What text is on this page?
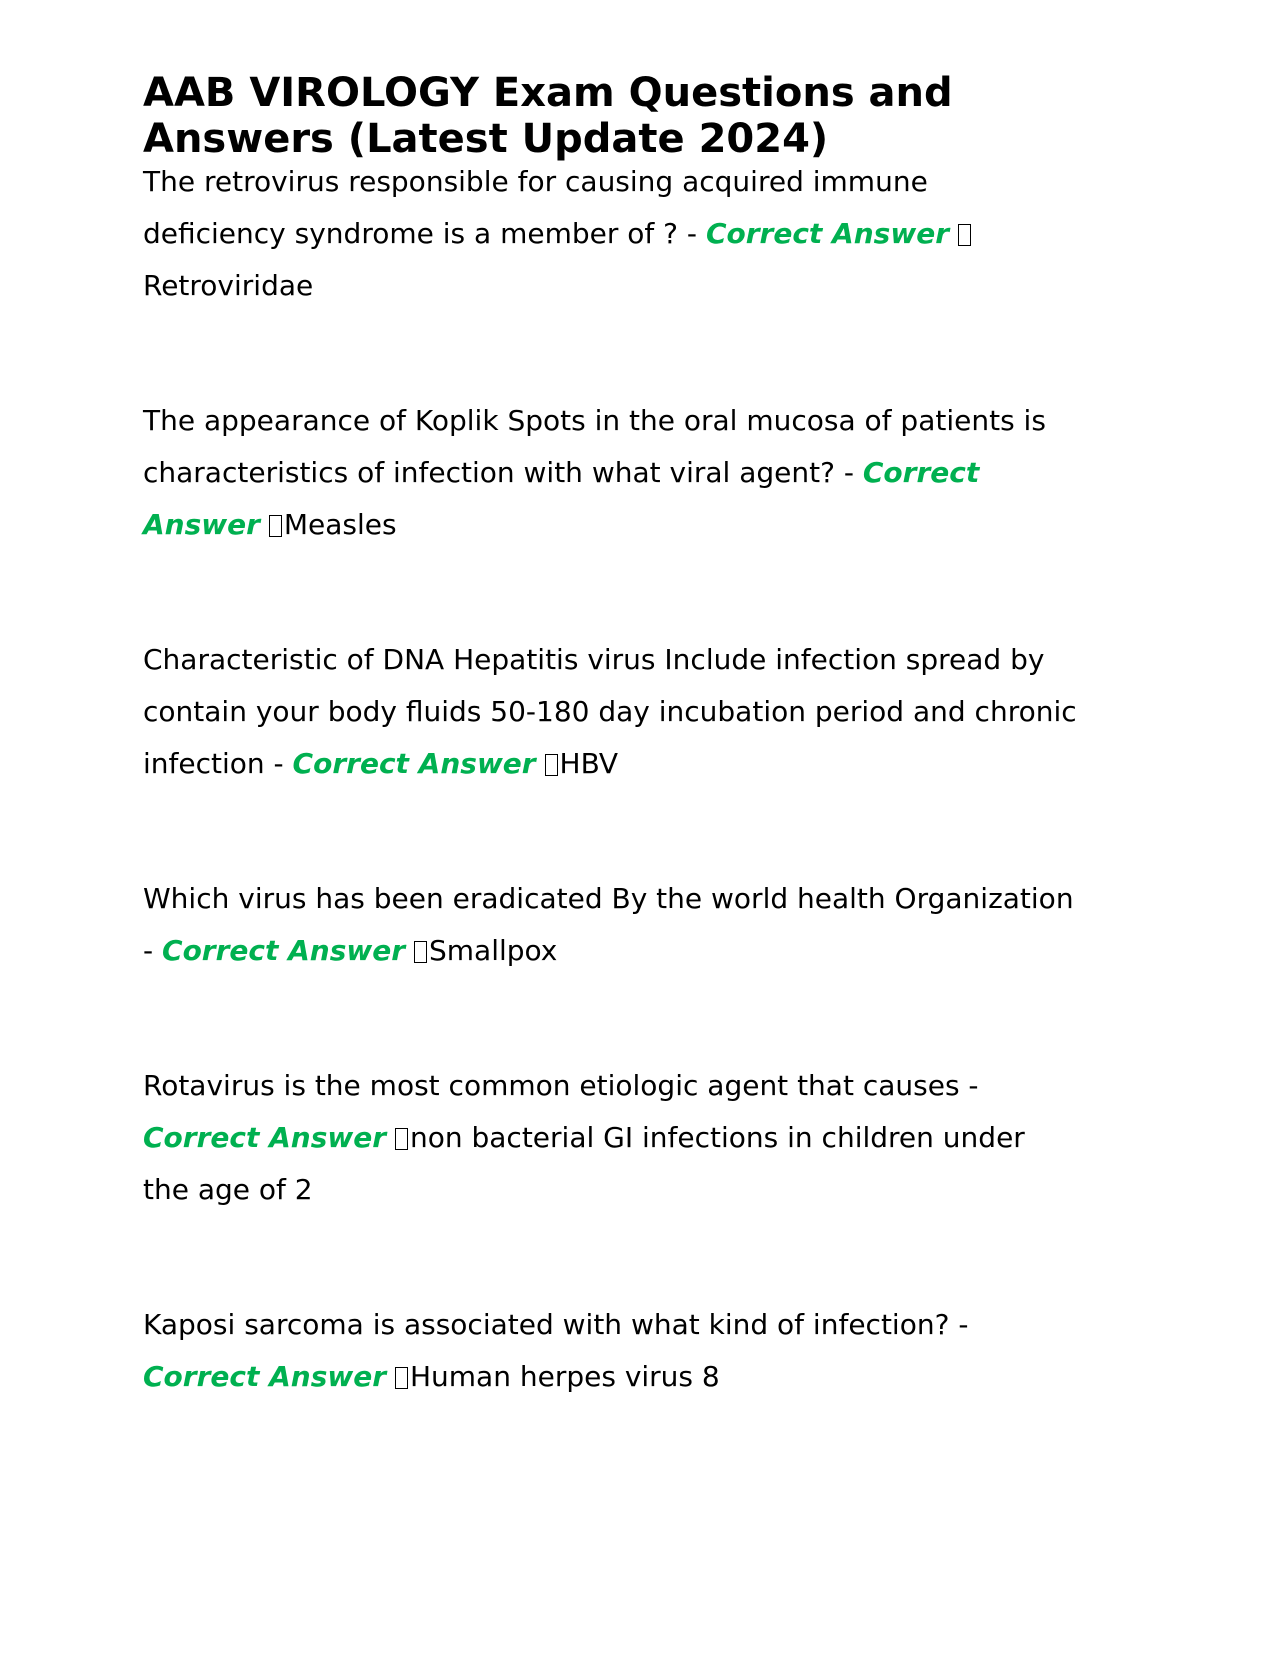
AAB VIROLOGY Exam Questions and Answers (Latest Update 2024)

The retrovirus responsible for causing acquired immune deficiency syndrome is a member of ? - Correct Answer Retroviridae

The appearance of Koplik Spots in the oral mucosa of patients is characteristics of infection with what viral agent? - Correct Answer Measles

Characteristic of DNA Hepatitis virus Include infection spread by contain your body fluids 50-180 day incubation period and chronic infection - Correct Answer HBV

Which virus has been eradicated By the world health Organization - Correct Answer Smallpox

Rotavirus is the most common etiologic agent that causes - Correct Answer non bacterial GI infections in children under the age of 2

Kaposi sarcoma is associated with what kind of infection? - Correct Answer Human herpes virus 8
